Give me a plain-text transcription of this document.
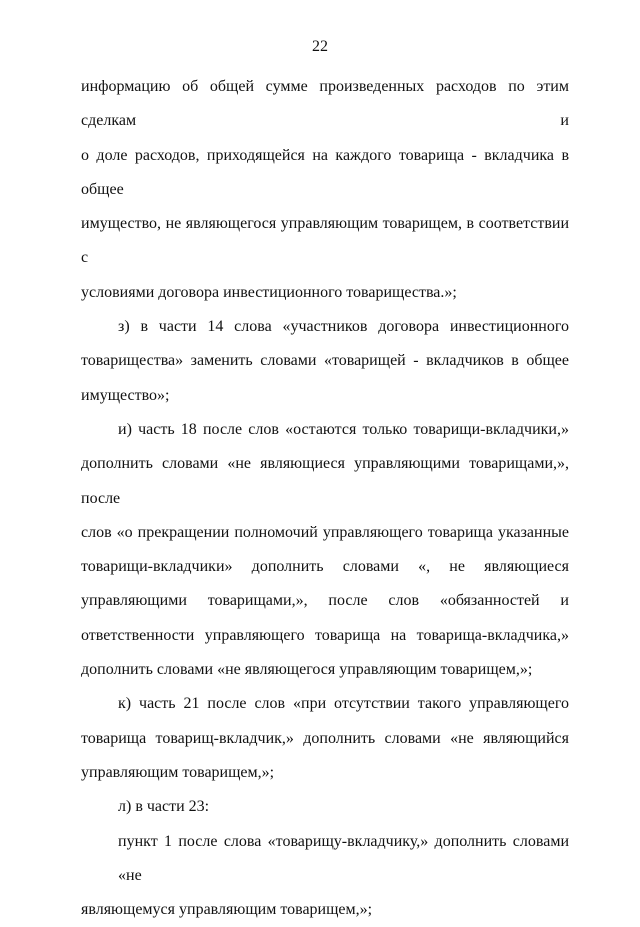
22
информацию об общей сумме произведенных расходов по этим сделкам и
о доле расходов, приходящейся на каждого товарища - вкладчика в общее
имущество, не являющегося управляющим товарищем, в соответствии с
условиями договора инвестиционного товарищества.»;
з) в части 14 слова «участников договора инвестиционного
товарищества» заменить словами «товарищей - вкладчиков в общее
имущество»;
и) часть 18 после слов «остаются только товарищи-вкладчики,»
дополнить словами «не являющиеся управляющими товарищами,», после
слов «о прекращении полномочий управляющего товарища указанные
товарищи-вкладчики» дополнить словами «, не являющиеся
управляющими товарищами,», после слов «обязанностей и
ответственности управляющего товарища на товарища-вкладчика,»
дополнить словами «не являющегося управляющим товарищем,»;
к) часть 21 после слов «при отсутствии такого управляющего
товарища товарищ-вкладчик,» дополнить словами «не являющийся
управляющим товарищем,»;
л) в части 23:
пункт 1 после слова «товарищу-вкладчику,» дополнить словами «не
являющемуся управляющим товарищем,»;
